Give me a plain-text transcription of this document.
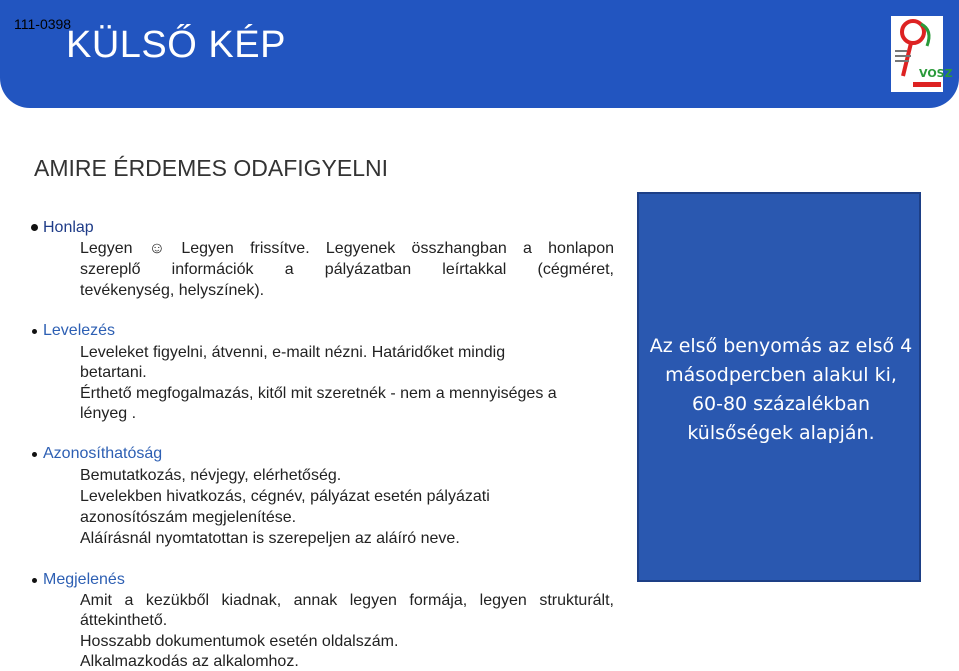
111-0398
KÜLSŐ KÉP
VOSZ
AMIRE ÉRDEMES ODAFIGYELNI
Honlap
Legyen ☺ Legyen frissítve. Legyenek összhangban a honlapon
szereplő információk a pályázatban leírtakkal (cégméret,
tevékenység, helyszínek).
Levelezés
Leveleket figyelni, átvenni, e-mailt nézni. Határidőket mindig
betartani.
Érthető megfogalmazás, kitől mit szeretnék - nem a mennyiséges a
lényeg .
Azonosíthatóság
Bemutatkozás, névjegy, elérhetőség.
Levelekben hivatkozás, cégnév, pályázat esetén pályázati
azonosítószám megjelenítése.
Aláírásnál nyomtatottan is szerepeljen az aláíró neve.
Megjelenés
Amit a kezükből kiadnak, annak legyen formája, legyen strukturált,
áttekinthető.
Hosszabb dokumentumok esetén oldalszám.
Alkalmazkodás az alkalomhoz.
Az első benyomás az első 4
másodpercben alakul ki,
60-80 százalékban
külsőségek alapján.
